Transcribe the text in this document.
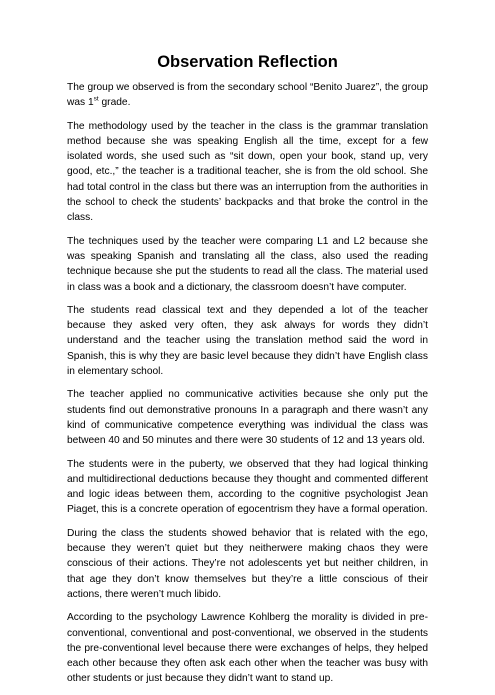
Observation Reflection

The group we observed is from the secondary school “Benito Juarez”, the group was 1st grade.

The methodology used by the teacher in the class is the grammar translation method because she was speaking English all the time, except for a few isolated words, she used such as “sit down, open your book, stand up, very good, etc.,” the teacher is a traditional teacher, she is from the old school. She had total control in the class but there was an interruption from the authorities in the school to check the students’ backpacks and that broke the control in the class.

The techniques used by the teacher were comparing L1 and L2 because she was speaking Spanish and translating all the class, also used the reading technique because she put the students to read all the class. The material used in class was a book and a dictionary, the classroom doesn’t have computer.

The students read classical text and they depended a lot of the teacher because they asked very often, they ask always for words they didn’t understand and the teacher using the translation method said the word in Spanish, this is why they are basic level because they didn’t have English class in elementary school.

The teacher applied no communicative activities because she only put the students find out demonstrative pronouns In a paragraph and there wasn’t any kind of communicative competence everything was individual the class was between 40 and 50 minutes and there were 30 students of 12 and 13 years old.

The students were in the puberty, we observed that they had logical thinking and multidirectional deductions because they thought and commented different and logic ideas between them, according to the cognitive psychologist Jean Piaget, this is a concrete operation of egocentrism they have a formal operation.

During the class the students showed behavior that is related with the ego, because they weren’t quiet but they neitherwere making chaos they were conscious of their actions. They’re not adolescents yet but neither children, in that age they don’t know themselves but they’re a little conscious of their actions, there weren’t much libido.

According to the psychology Lawrence Kohlberg the morality is divided in pre-conventional, conventional and post-conventional, we observed in the students the pre-conventional level because there were exchanges of helps, they helped each other because they often ask each other when the teacher was busy with other students or just because they didn’t want to stand up.
